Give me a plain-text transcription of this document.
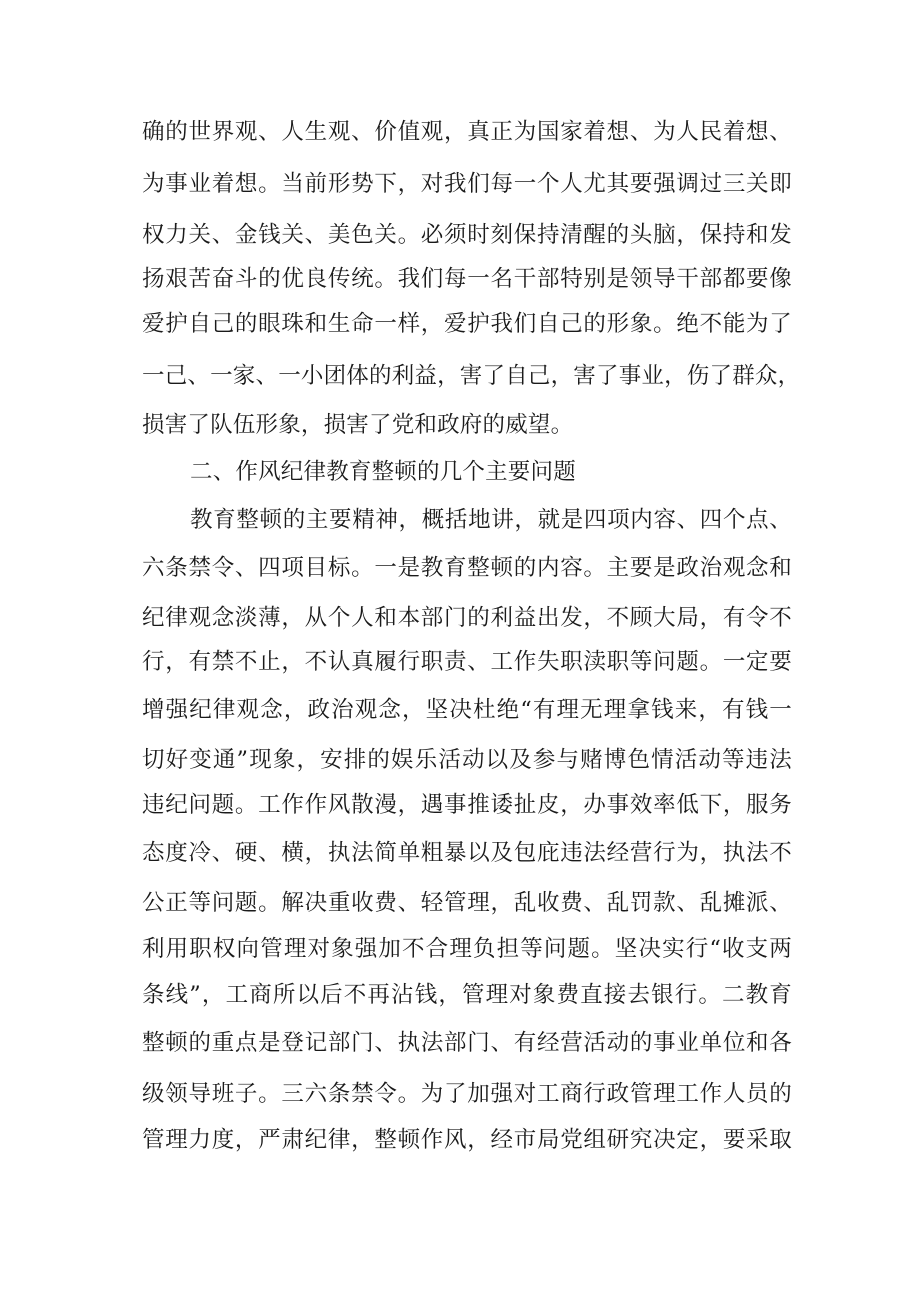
确的世界观、人生观、价值观，真正为国家着想、为人民着想、
为事业着想。当前形势下，对我们每一个人尤其要强调过三关即
权力关、金钱关、美色关。必须时刻保持清醒的头脑，保持和发
扬艰苦奋斗的优良传统。我们每一名干部特别是领导干部都要像
爱护自己的眼珠和生命一样，爱护我们自己的形象。绝不能为了
一己、一家、一小团体的利益，害了自己，害了事业，伤了群众，
损害了队伍形象，损害了党和政府的威望。
二、作风纪律教育整顿的几个主要问题
教育整顿的主要精神，概括地讲，就是四项内容、四个点、
六条禁令、四项目标。一是教育整顿的内容。主要是政治观念和
纪律观念淡薄，从个人和本部门的利益出发，不顾大局，有令不
行，有禁不止，不认真履行职责、工作失职渎职等问题。一定要
增强纪律观念，政治观念，坚决杜绝“有理无理拿钱来，有钱一
切好变通”现象，安排的娱乐活动以及参与赌博色情活动等违法
违纪问题。工作作风散漫，遇事推诿扯皮，办事效率低下，服务
态度冷、硬、横，执法简单粗暴以及包庇违法经营行为，执法不
公正等问题。解决重收费、轻管理，乱收费、乱罚款、乱摊派、
利用职权向管理对象强加不合理负担等问题。坚决实行“收支两
条线”，工商所以后不再沾钱，管理对象费直接去银行。二教育
整顿的重点是登记部门、执法部门、有经营活动的事业单位和各
级领导班子。三六条禁令。为了加强对工商行政管理工作人员的
管理力度，严肃纪律，整顿作风，经市局党组研究决定，要采取
